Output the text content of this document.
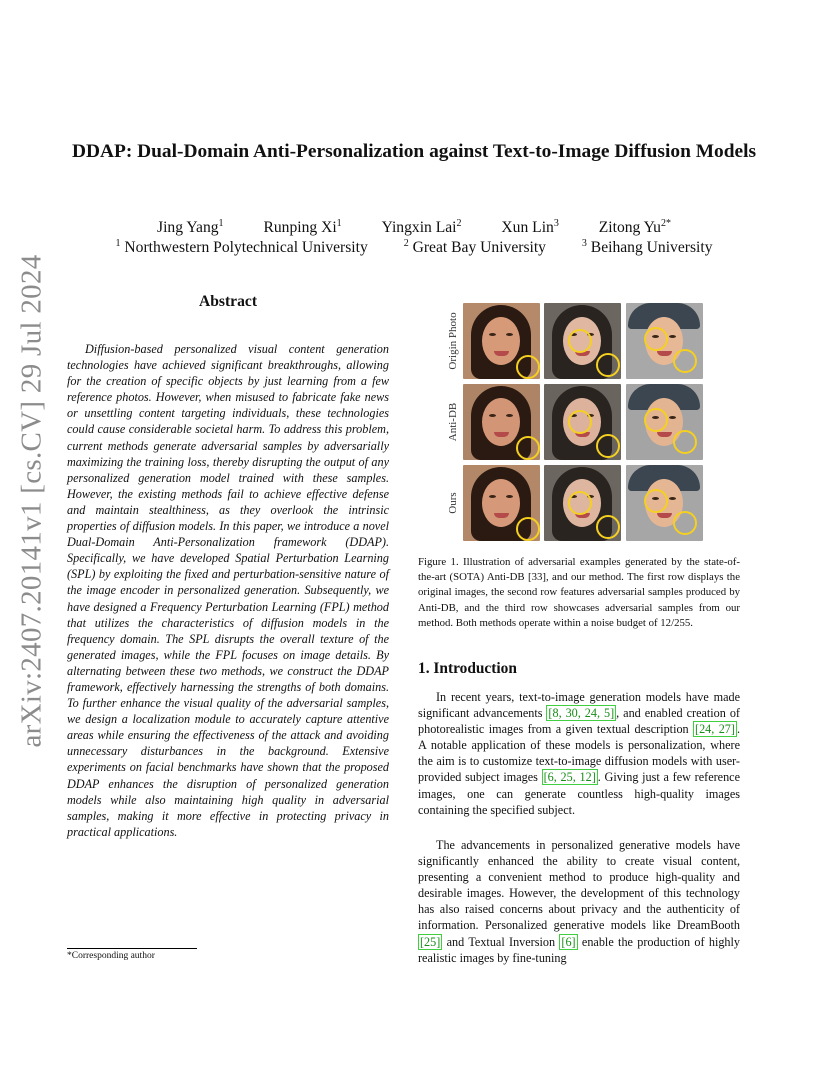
arXiv:2407.20141v1 [cs.CV] 29 Jul 2024
DDAP: Dual-Domain Anti-Personalization against Text-to-Image Diffusion Models
Jing Yang$^1$	Runping Xi$^1$	Yingxin Lai$^2$	Xun Lin$^3$	Zitong $Yu^{2*}$
$^1$ Northwestern Polytechnical University	$^2$ Great Bay University	$^3$ Beihang University
Abstract
Diffusion-based personalized visual content generation technologies have achieved significant breakthroughs, allowing for the creation of specific objects by just learning from a few reference photos. However, when misused to fabricate fake news or unsettling content targeting individuals, these technologies could cause considerable societal harm. To address this problem, current methods generate adversarial samples by adversarially maximizing the training loss, thereby disrupting the output of any personalized generation model trained with these samples. However, the existing methods fail to achieve effective defense and maintain stealthiness, as they overlook the intrinsic properties of diffusion models. In this paper, we introduce a novel Dual-Domain Anti-Personalization framework (DDAP). Specifically, we have developed Spatial Perturbation Learning (SPL) by exploiting the fixed and perturbation-sensitive nature of the image encoder in personalized generation. Subsequently, we have designed a Frequency Perturbation Learning (FPL) method that utilizes the characteristics of diffusion models in the frequency domain. The SPL disrupts the overall texture of the generated images, while the FPL focuses on image details. By alternating between these two methods, we construct the DDAP framework, effectively harnessing the strengths of both domains. To further enhance the visual quality of the adversarial samples, we design a localization module to accurately capture attentive areas while ensuring the effectiveness of the attack and avoiding unnecessary disturbances in the background. Extensive experiments on facial benchmarks have shown that the proposed DDAP enhances the disruption of personalized generation models while also maintaining high quality in adversarial samples, making it more effective in protecting privacy in practical applications.
*Corresponding author
Origin Photo
Anti-DB
Ours
Figure 1. Illustration of adversarial examples generated by the state-of-the-art (SOTA) Anti-DB [33], and our method. The first row displays the original images, the second row features adversarial samples produced by Anti-DB, and the third row showcases adversarial samples from our method. Both methods operate within a noise budget of 12/255.
1. Introduction
In recent years, text-to-image generation models have made significant advancements [8, 30, 24, 5] , and enabled creation of photorealistic images from a given textual description [24, 27] . A notable application of these models is personalization, where the aim is to customize text-to-image diffusion models with user-provided subject images [6, 25, 12] . Giving just a few reference images, one can generate countless high-quality images containing the specified subject.
The advancements in personalized generative models have significantly enhanced the ability to create visual content, presenting a convenient method to produce high-quality and desirable images. However, the development of this technology has also raised concerns about privacy and the authenticity of information. Personalized generative models like DreamBooth [25] and Textual Inversion [6] enable the production of highly realistic images by fine-tuning
